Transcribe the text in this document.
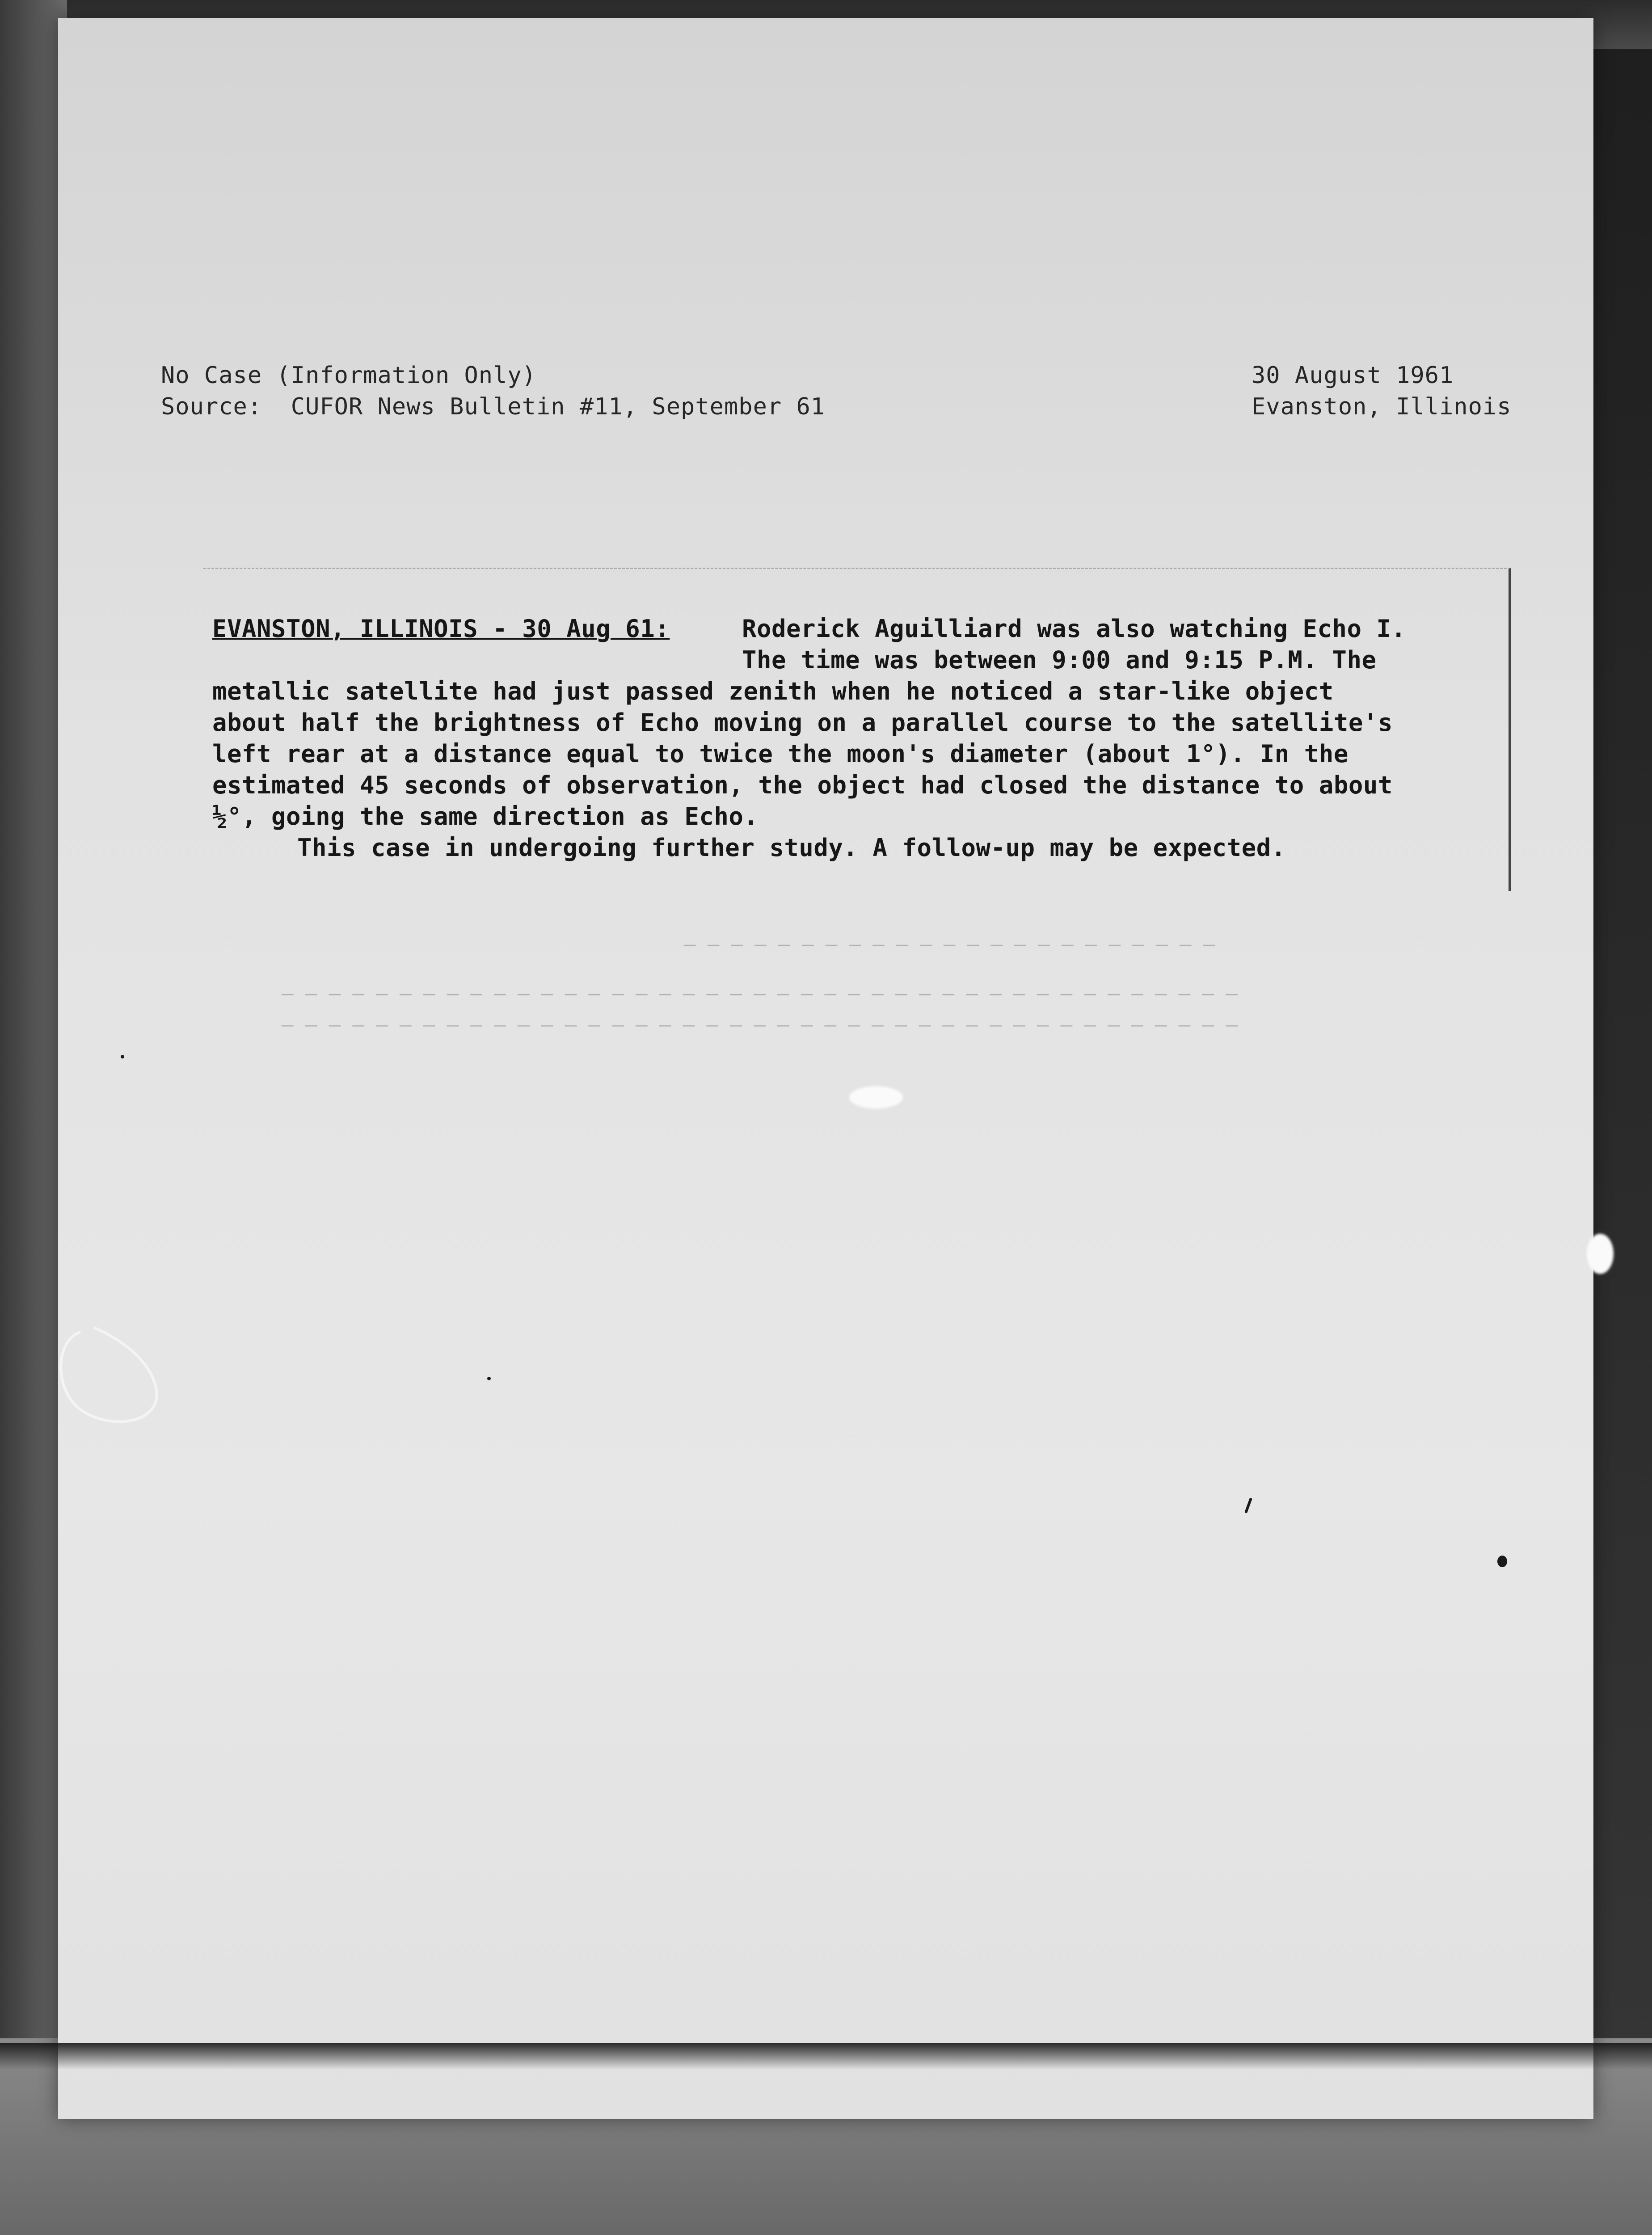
— — — — — — — — — — — — — — — — — — — — — — —
— — — — — — — — — — — — — — — — — — — — — — — — — — — — — — — — — — — — — — — — —
— — — — — — — — — — — — — — — — — — — — — — — — — — — — — — — — — — — — — — — — —
No Case (Information Only)
Source:  CUFOR News Bulletin #11, September 61
30 August 1961
Evanston, Illinois
EVANSTON, ILLINOIS - 30 Aug 61:	Roderick Aguilliard was also watching Echo I.
The time was between 9:00 and 9:15 P.M. The
metallic satellite had just passed zenith when he noticed a star-like object
about half the brightness of Echo moving on a parallel course to the satellite's
left rear at a distance equal to twice the moon's diameter (about 1°). In the
estimated 45 seconds of observation, the object had closed the distance to about
½°, going the same direction as Echo.
This case in undergoing further study. A follow-up may be expected.
